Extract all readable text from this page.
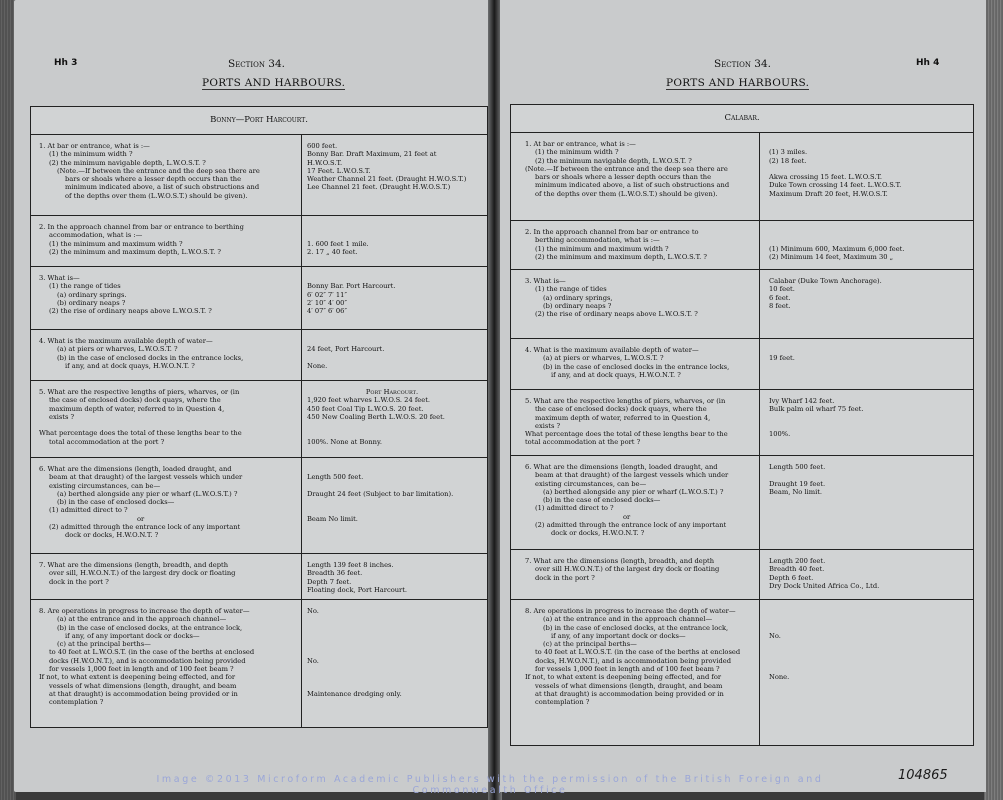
Hh 3	Section 34.
PORTS AND HARBOURS.
Bonny—Port Harcourt.
1. At bar or entrance, what is :—
(1) the minimum width ?
(2) the minimum navigable depth, L.W.O.S.T. ?
(Note.—If between the entrance and the deep sea there are
bars or shoals where a lesser depth occurs than the
minimum indicated above, a list of such obstructions and
of the depths over them (L.W.O.S.T.) should be given).
600 feet.
Bonny Bar. Draft Maximum, 21 feet at
H.W.O.S.T.
17 Feet. L.W.O.S.T.
Weather Channel 21 feet. (Draught H.W.O.S.T.)
Lee Channel 21 feet. (Draught H.W.O.S.T.)
2. In the approach channel from bar or entrance to berthing
accommodation, what is :—
(1) the minimum and maximum width ?
(2) the minimum and maximum depth, L.W.O.S.T. ?
1. 600 feet 1 mile.
2. 17 „ 40 feet.
3. What is—
(1) the range of tides
(a) ordinary springs.
(b) ordinary neaps ?
(2) the rise of ordinary neaps above L.W.O.S.T. ?
Bonny Bar. Port Harcourt.
6′ 02″ 7′ 11″
2′ 10″ 4′ 00″
4′ 07″ 6′ 06″
4. What is the maximum available depth of water—
(a) at piers or wharves, L.W.O.S.T. ?
(b) in the case of enclosed docks in the entrance locks,
if any, and at dock quays, H.W.O.N.T. ?
24 feet, Port Harcourt.
None.
5. What are the respective lengths of piers, wharves, or (in
the case of enclosed docks) dock quays, where the
maximum depth of water, referred to in Question 4,
exists ?
What percentage does the total of these lengths bear to the
total accommodation at the port ?
Port Harcourt.
1,920 feet wharves L.W.O.S. 24 feet.
450 feet Coal Tip L.W.O.S. 20 feet.
450 New Coaling Berth L.W.O.S. 20 feet.
100%. None at Bonny.
6. What are the dimensions (length, loaded draught, and
beam at that draught) of the largest vessels which under
existing circumstances, can be—
(a) berthed alongside any pier or wharf (L.W.O.S.T.) ?
(b) in the case of enclosed docks—
(1) admitted direct to ?
or
(2) admitted through the entrance lock of any important
dock or docks, H.W.O.N.T. ?
Length 500 feet.
Draught 24 feet (Subject to bar limitation).
Beam No limit.
7. What are the dimensions (length, breadth, and depth
over sill, H.W.O.N.T.) of the largest dry dock or floating
dock in the port ?
Length 139 feet 8 inches.
Breadth 36 feet.
Depth 7 feet.
Floating dock, Port Harcourt.
8. Are operations in progress to increase the depth of water—
(a) at the entrance and in the approach channel—
(b) in the case of enclosed docks, at the entrance lock,
if any, of any important dock or docks—
(c) at the principal berths—
to 40 feet at L.W.O.S.T. (in the case of the berths at enclosed
docks (H.W.O.N.T.), and is accommodation being provided
for vessels 1,000 feet in length and of 100 feet beam ?
If not, to what extent is deepening being effected, and for
vessels of what dimensions (length, draught, and beam
at that draught) is accommodation being provided or in
contemplation ?
No.
No.
Maintenance dredging only.
Section 34.	Hh 4
PORTS AND HARBOURS.
Calabar.
1. At bar or entrance, what is :—
(1) the minimum width ?
(2) the minimum navigable depth, L.W.O.S.T. ?
(Note.—If between the entrance and the deep sea there are
bars or shoals where a lesser depth occurs than the
minimum indicated above, a list of such obstructions and
of the depths over them (L.W.O.S.T.) should be given).
(1) 3 miles.
(2) 18 feet.
Akwa crossing 15 feet. L.W.O.S.T.
Duke Town crossing 14 feet. L.W.O.S.T.
Maximum Draft 20 feet, H.W.O.S.T.
2. In the approach channel from bar or entrance to
berthing accommodation, what is :—
(1) the minimum and maximum width ?
(2) the minimum and maximum depth, L.W.O.S.T. ?
(1) Minimum 600, Maximum 6,000 feet.
(2) Minimum 14 feet, Maximum 30 „
3. What is—
(1) the range of tides
(a) ordinary springs,
(b) ordinary neaps ?
(2) the rise of ordinary neaps above L.W.O.S.T. ?
Calabar (Duke Town Anchorage).
10 feet.
6 feet.
8 feet.
4. What is the maximum available depth of water—
(a) at piers or wharves, L.W.O.S.T. ?
(b) in the case of enclosed docks in the entrance locks,
if any, and at dock quays, H.W.O.N.T. ?
19 feet.
5. What are the respective lengths of piers, wharves, or (in
the case of enclosed docks) dock quays, where the
maximum depth of water, referred to in Question 4,
exists ?
What percentage does the total of these lengths bear to the
total accommodation at the port ?
Ivy Wharf 142 feet.
Bulk palm oil wharf 75 feet.
100%.
6. What are the dimensions (length, loaded draught, and
beam at that draught) of the largest vessels which under
existing circumstances, can be—
(a) berthed alongside any pier or wharf (L.W.O.S.T.) ?
(b) in the case of enclosed docks—
(1) admitted direct to ?
or
(2) admitted through the entrance lock of any important
dock or docks, H.W.O.N.T. ?
Length 500 feet.
Draught 19 feet.
Beam, No limit.
7. What are the dimensions (length, breadth, and depth
over sill H.W.O.N.T.) of the largest dry dock or floating
dock in the port ?
Length 200 feet.
Breadth 40 feet.
Depth 6 feet.
Dry Dock United Africa Co., Ltd.
8. Are operations in progress to increase the depth of water—
(a) at the entrance and in the approach channel—
(b) in the case of enclosed docks, at the entrance lock,
if any, of any important dock or docks—
(c) at the principal berths—
to 40 feet at L.W.O.S.T. (in the case of the berths at enclosed
docks, H.W.O.N.T.), and is accommodation being provided
for vessels 1,000 feet in length and of 100 feet beam ?
If not, to what extent is deepening being effected, and for
vessels of what dimensions (length, draught, and beam
at that draught) is accommodation being provided or in
contemplation ?
No.
None.
Image ©2013 Microform Academic Publishers with the permission of the British Foreign and Commonwealth Office
104865
